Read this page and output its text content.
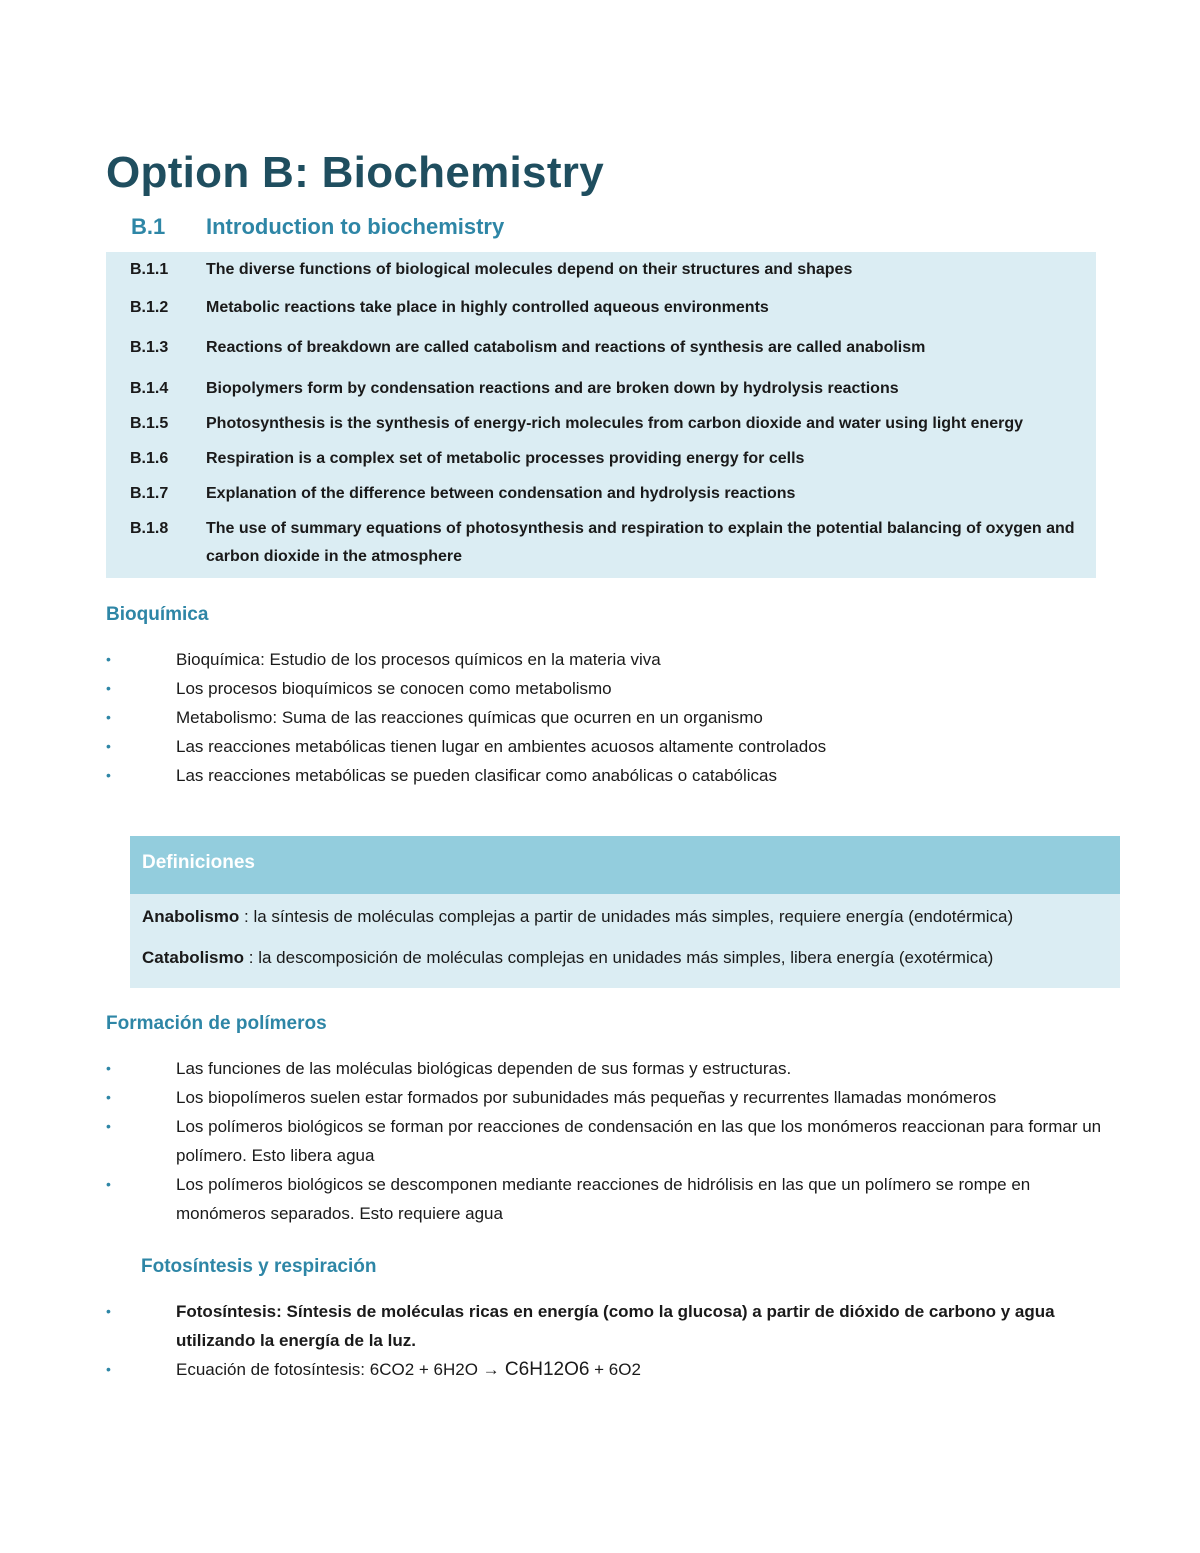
Option B: Biochemistry
B.1 Introduction to biochemistry
B.1.1	The diverse functions of biological molecules depend on their structures and shapes
B.1.2	Metabolic reactions take place in highly controlled aqueous environments
B.1.3	Reactions of breakdown are called catabolism and reactions of synthesis are called anabolism
B.1.4	Biopolymers form by condensation reactions and are broken down by hydrolysis reactions
B.1.5	Photosynthesis is the synthesis of energy-rich molecules from carbon dioxide and water using light energy
B.1.6	Respiration is a complex set of metabolic processes providing energy for cells
B.1.7	Explanation of the difference between condensation and hydrolysis reactions
B.1.8	The use of summary equations of photosynthesis and respiration to explain the potential balancing of oxygen and carbon dioxide in the atmosphere
Bioquímica
•	Bioquímica: Estudio de los procesos químicos en la materia viva
•	Los procesos bioquímicos se conocen como metabolismo
•	Metabolismo: Suma de las reacciones químicas que ocurren en un organismo
•	Las reacciones metabólicas tienen lugar en ambientes acuosos altamente controlados
•	Las reacciones metabólicas se pueden clasificar como anabólicas o catabólicas
Definiciones
Anabolismo : la síntesis de moléculas complejas a partir de unidades más simples, requiere energía (endotérmica)
Catabolismo : la descomposición de moléculas complejas en unidades más simples, libera energía (exotérmica)
Formación de polímeros
•	Las funciones de las moléculas biológicas dependen de sus formas y estructuras.
•	Los biopolímeros suelen estar formados por subunidades más pequeñas y recurrentes llamadas monómeros
•	Los polímeros biológicos se forman por reacciones de condensación en las que los monómeros reaccionan para formar un polímero. Esto libera agua
•	Los polímeros biológicos se descomponen mediante reacciones de hidrólisis en las que un polímero se rompe en monómeros separados. Esto requiere agua
Fotosíntesis y respiración
•	Fotosíntesis: Síntesis de moléculas ricas en energía (como la glucosa) a partir de dióxido de carbono y agua utilizando la energía de la luz.
•	Ecuación de fotosíntesis: 6CO2 + 6H2O → C6H12O6 + 6O2
